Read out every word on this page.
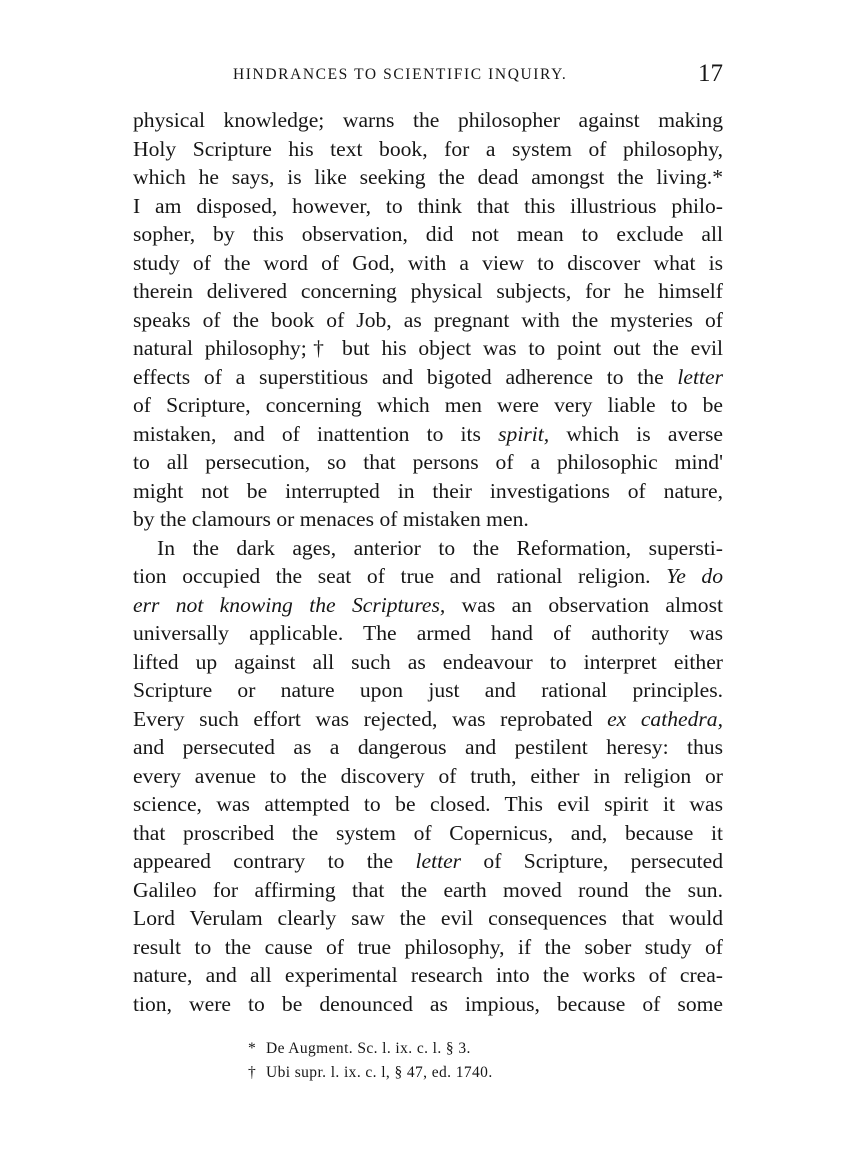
HINDRANCES TO SCIENTIFIC INQUIRY.	17
physical knowledge; warns the philosopher against making
Holy Scripture his text book, for a system of philosophy,
which he says, is like seeking the dead amongst the living.*
I am disposed, however, to think that this illustrious philo-
sopher, by this observation, did not mean to exclude all
study of the word of God, with a view to discover what is
therein delivered concerning physical subjects, for he himself
speaks of the book of Job, as pregnant with the mysteries of
natural philosophy;† but his object was to point out the evil
effects of a superstitious and bigoted adherence to the letter
of Scripture, concerning which men were very liable to be
mistaken, and of inattention to its spirit, which is averse
to all persecution, so that persons of a philosophic mind'
might not be interrupted in their investigations of nature,
by the clamours or menaces of mistaken men.
In the dark ages, anterior to the Reformation, supersti-
tion occupied the seat of true and rational religion. Ye do
err not knowing the Scriptures, was an observation almost
universally applicable. The armed hand of authority was
lifted up against all such as endeavour to interpret either
Scripture or nature upon just and rational principles.
Every such effort was rejected, was reprobated ex cathedra,
and persecuted as a dangerous and pestilent heresy: thus
every avenue to the discovery of truth, either in religion or
science, was attempted to be closed. This evil spirit it was
that proscribed the system of Copernicus, and, because it
appeared contrary to the letter of Scripture, persecuted
Galileo for affirming that the earth moved round the sun.
Lord Verulam clearly saw the evil consequences that would
result to the cause of true philosophy, if the sober study of
nature, and all experimental research into the works of crea-
tion, were to be denounced as impious, because of some
* De Augment. Sc. l. ix. c. l. § 3.
† Ubi supr. l. ix. c. l, § 47, ed. 1740.
